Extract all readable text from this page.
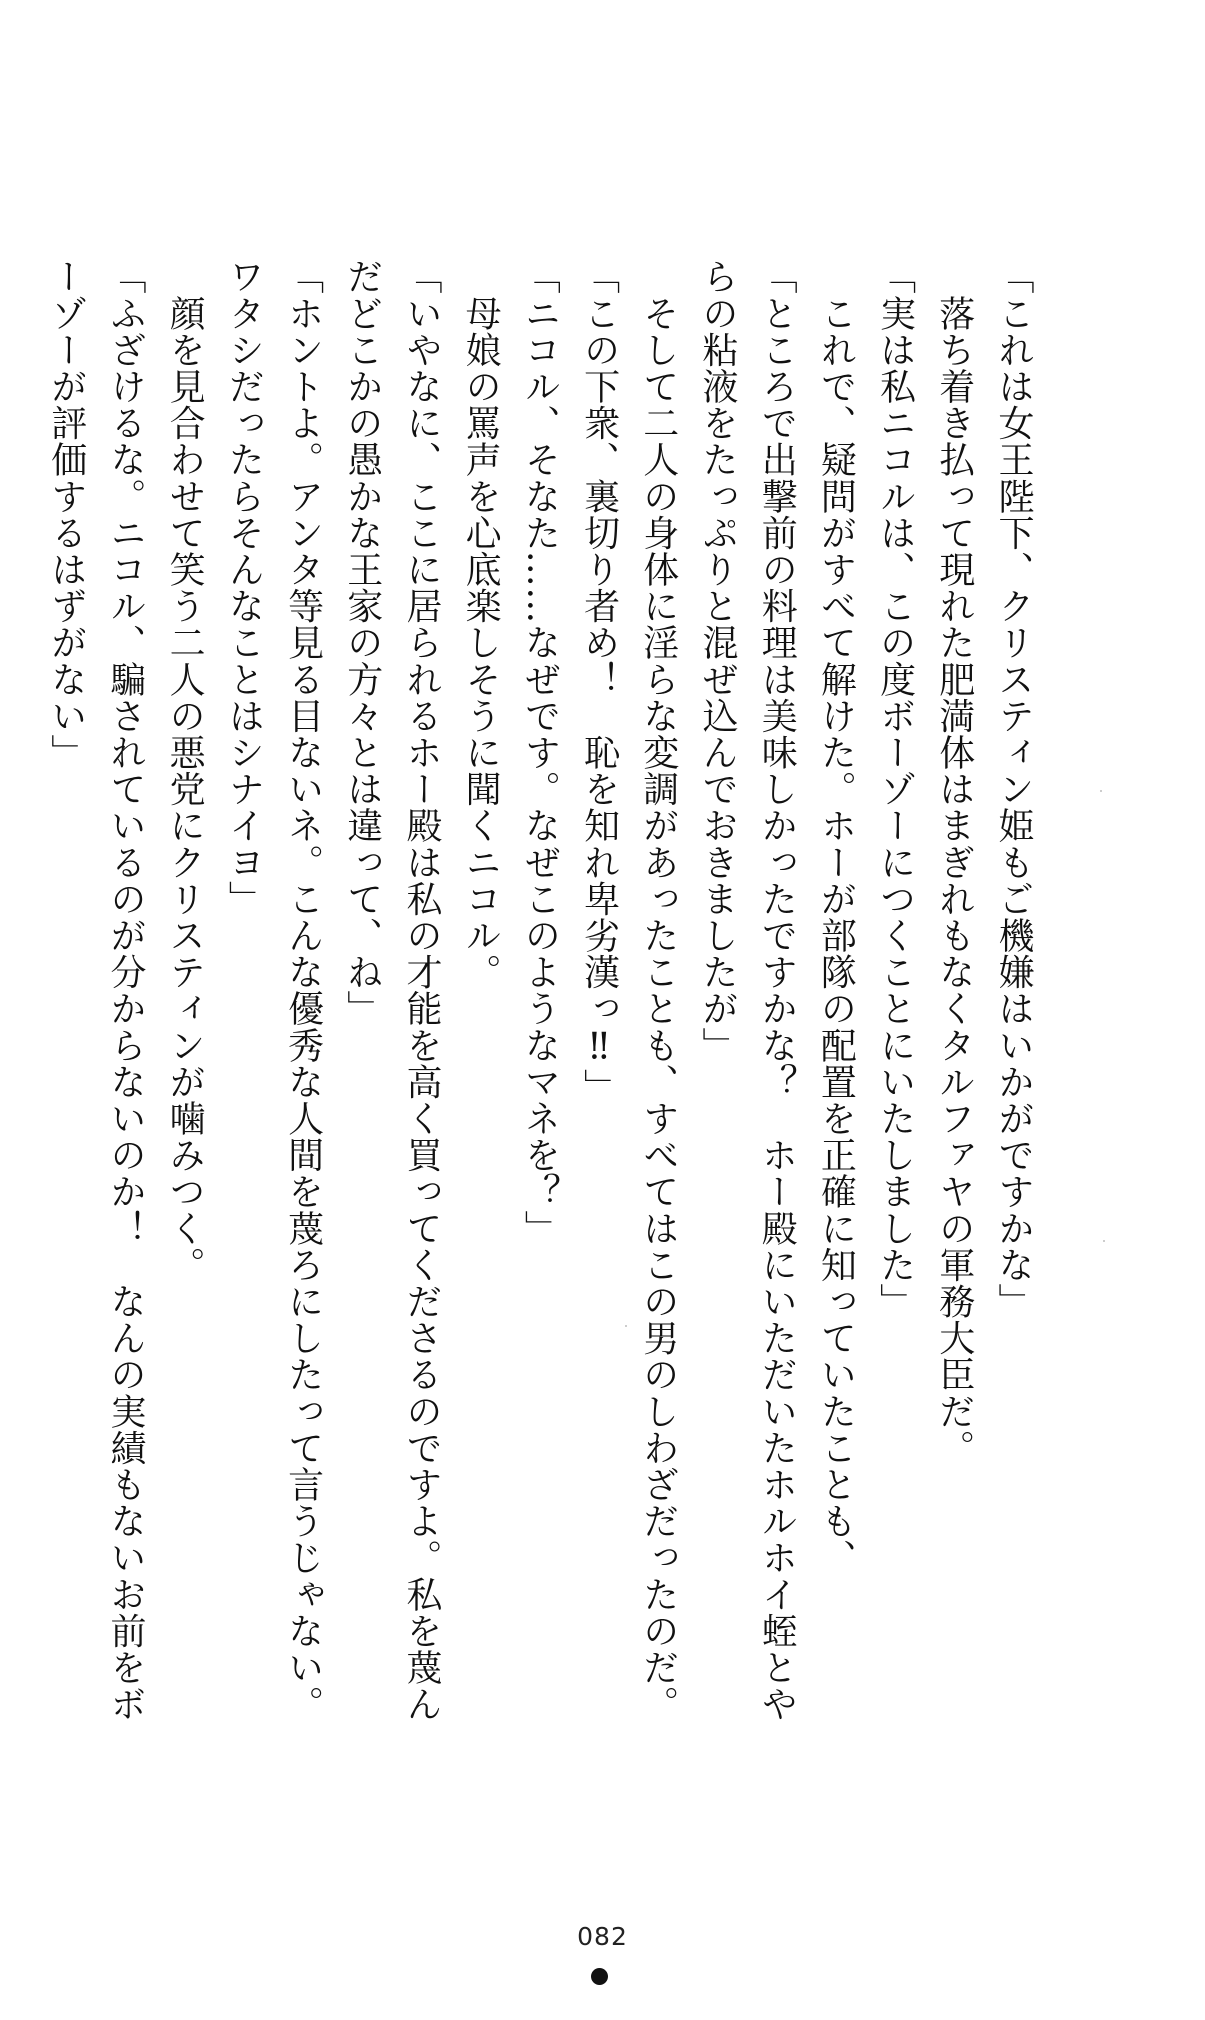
「これは女王陛下、クリスティン姫もご機嫌はいかがですかな」
　落ち着き払って現れた肥満体はまぎれもなくタルファヤの軍務大臣だ。
「実は私ニコルは、この度ボーゾーにつくことにいたしました」
　これで、疑問がすべて解けた。ホーが部隊の配置を正確に知っていたことも、
「ところで出撃前の料理は美味しかったですかな？　ホー殿にいただいたホルホイ蛭とや
らの粘液をたっぷりと混ぜ込んでおきましたが」
　そして二人の身体に淫らな変調があったことも、すべてはこの男のしわざだったのだ。
「この下衆、裏切り者め！　恥を知れ卑劣漢っ‼」
「ニコル、そなた……なぜです。なぜこのようなマネを？」
　母娘の罵声を心底楽しそうに聞くニコル。
「いやなに、ここに居られるホー殿は私の才能を高く買ってくださるのですよ。私を蔑ん
だどこかの愚かな王家の方々とは違って、ね」
「ホントよ。アンタ等見る目ないネ。こんな優秀な人間を蔑ろにしたって言うじゃない。
ワタシだったらそんなことはシナイヨ」
　顔を見合わせて笑う二人の悪党にクリスティンが噛みつく。
「ふざけるな。ニコル、騙されているのが分からないのか！　なんの実績もないお前をボ
ーゾーが評価するはずがない」
082
